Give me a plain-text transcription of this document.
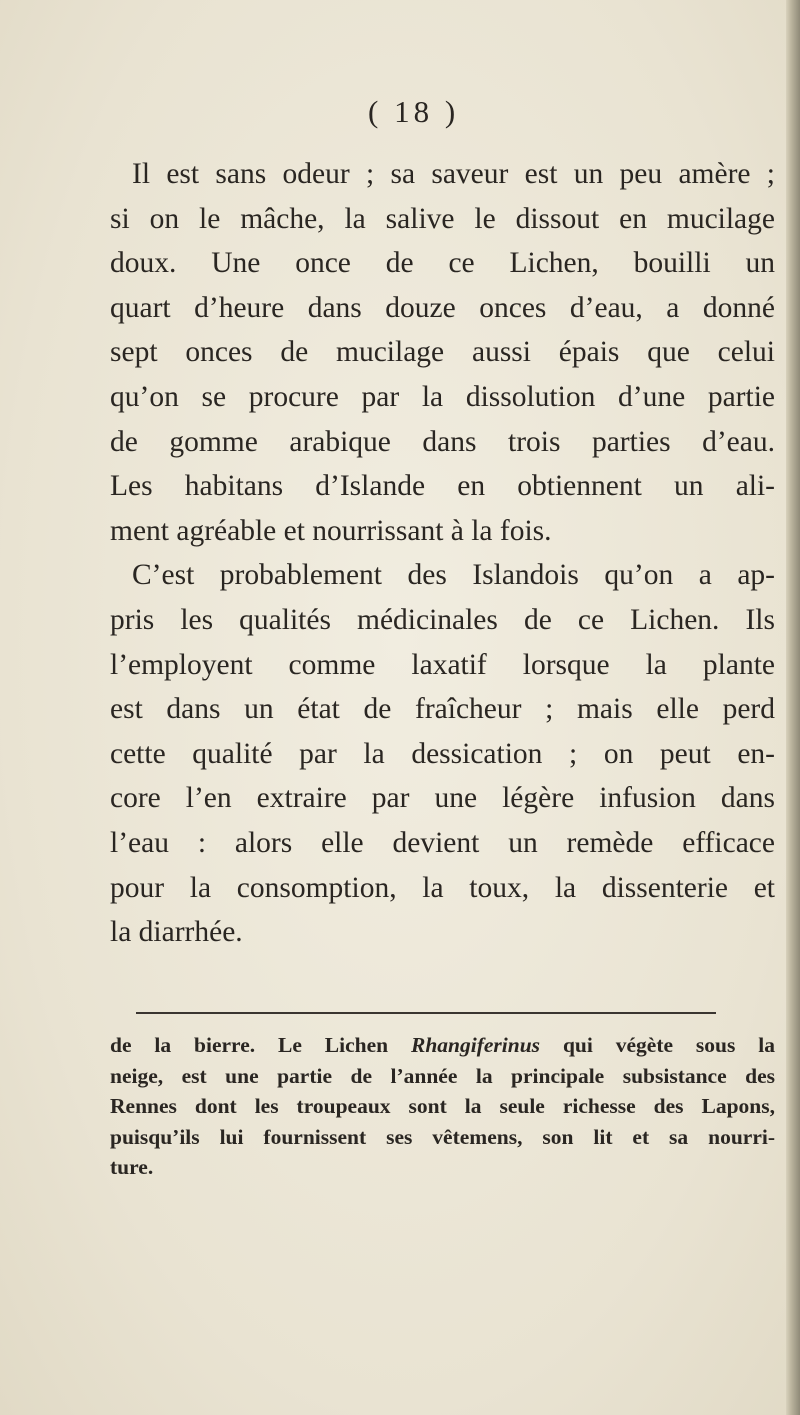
( 18 )
Il est sans odeur ; sa saveur est un peu amère ;
si on le mâche, la salive le dissout en mucilage
doux. Une once de ce Lichen, bouilli un
quart d’heure dans douze onces d’eau, a donné
sept onces de mucilage aussi épais que celui
qu’on se procure par la dissolution d’une partie
de gomme arabique dans trois parties d’eau.
Les habitans d’Islande en obtiennent un ali-
ment agréable et nourrissant à la fois.
C’est probablement des Islandois qu’on a ap-
pris les qualités médicinales de ce Lichen. Ils
l’employent comme laxatif lorsque la plante
est dans un état de fraîcheur ; mais elle perd
cette qualité par la dessication ; on peut en-
core l’en extraire par une légère infusion dans
l’eau : alors elle devient un remède efficace
pour la consomption, la toux, la dissenterie et
la diarrhée.
de la bierre. Le Lichen Rhangiferinus qui végète sous la
neige, est une partie de l’année la principale subsistance des
Rennes dont les troupeaux sont la seule richesse des Lapons,
puisqu’ils lui fournissent ses vêtemens, son lit et sa nourri-
ture.
